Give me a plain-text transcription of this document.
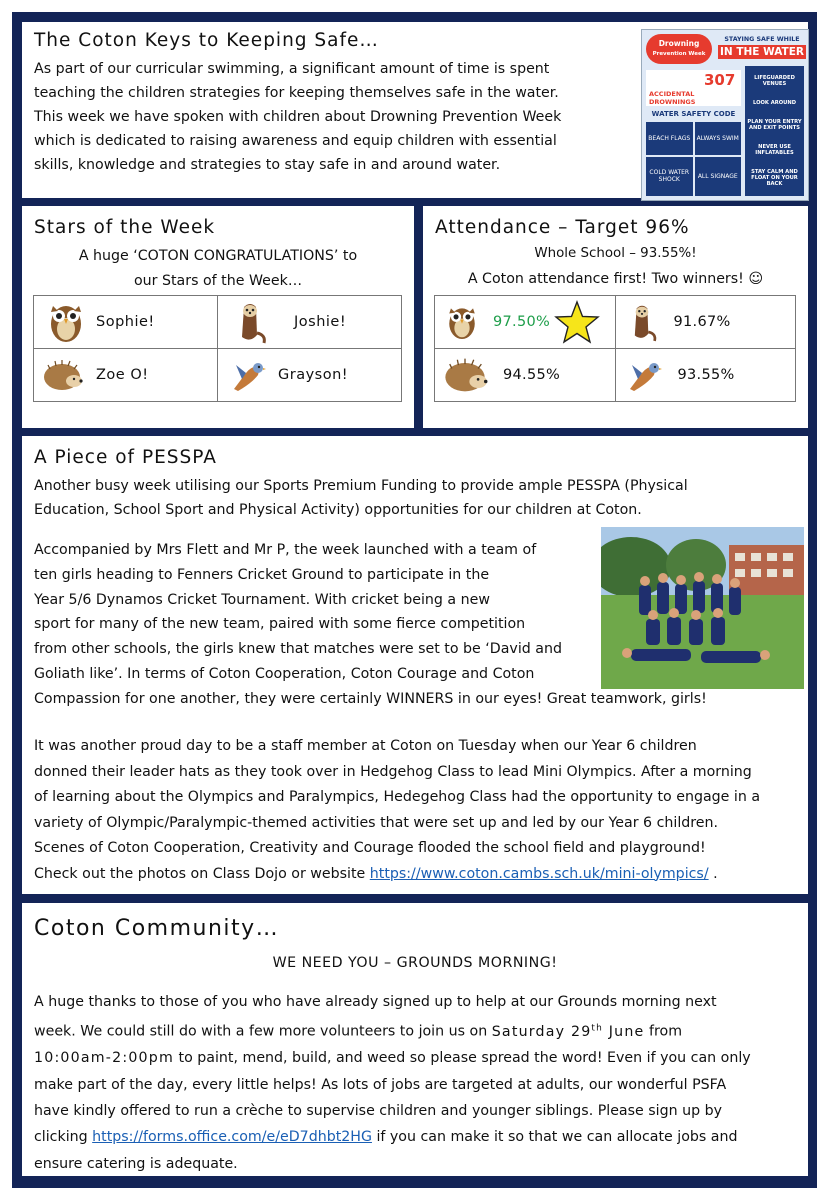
The Coton Keys to Keeping Safe…
As part of our curricular swimming, a significant amount of time is spent
teaching the children strategies for keeping themselves safe in the water.
This week we have spoken with children about Drowning Prevention Week
which is dedicated to raising awareness and equip children with essential
skills, knowledge and strategies to stay safe in and around water.
Drowning
Prevention Week
STAYING SAFE WHILE
IN THE WATER
307
ACCIDENTAL DROWNINGS
WATER SAFETY CODE
BEACH FLAGS	ALWAYS SWIM
COLD WATER SHOCK	ALL SIGNAGE
LIFEGUARDED VENUES
LOOK AROUND
PLAN YOUR ENTRY AND EXIT POINTS
NEVER USE INFLATABLES
STAY CALM AND FLOAT ON YOUR BACK
Stars of the Week
A huge ‘COTON CONGRATULATIONS’ to
our Stars of the Week…
Sophie!	Joshie!

Zoe O!	Grayson!
Attendance – Target 96%
Whole School – 93.55%!
A Coton attendance first! Two winners! ☺
97.50%	91.67%

94.55%	93.55%
A Piece of PESSPA
Another busy week utilising our Sports Premium Funding to provide ample PESSPA (Physical
Education, School Sport and Physical Activity) opportunities for our children at Coton.
Accompanied by Mrs Flett and Mr P, the week launched with a team of
ten girls heading to Fenners Cricket Ground to participate in the
Year 5/6 Dynamos Cricket Tournament. With cricket being a new
sport for many of the new team, paired with some fierce competition
from other schools, the girls knew that matches were set to be ‘David and
Goliath like’. In terms of Coton Cooperation, Coton Courage and Coton
Compassion for one another, they were certainly WINNERS in our eyes! Great teamwork, girls!
It was another proud day to be a staff member at Coton on Tuesday when our Year 6 children
donned their leader hats as they took over in Hedgehog Class to lead Mini Olympics. After a morning
of learning about the Olympics and Paralympics, Hedegehog Class had the opportunity to engage in a
variety of Olympic/Paralympic-themed activities that were set up and led by our Year 6 children.
Scenes of Coton Cooperation, Creativity and Courage flooded the school field and playground!
Check out the photos on Class Dojo or website https://www.coton.cambs.sch.uk/mini-olympics/ .
Coton Community…
WE NEED YOU – GROUNDS MORNING!
A huge thanks to those of you who have already signed up to help at our Grounds morning next
week. We could still do with a few more volunteers to join us on Saturday 29th June from
10:00am-2:00pm to paint, mend, build, and weed so please spread the word! Even if you can only
make part of the day, every little helps! As lots of jobs are targeted at adults, our wonderful PSFA
have kindly offered to run a crèche to supervise children and younger siblings. Please sign up by
clicking https://forms.office.com/e/eD7dhbt2HG if you can make it so that we can allocate jobs and
ensure catering is adequate.
